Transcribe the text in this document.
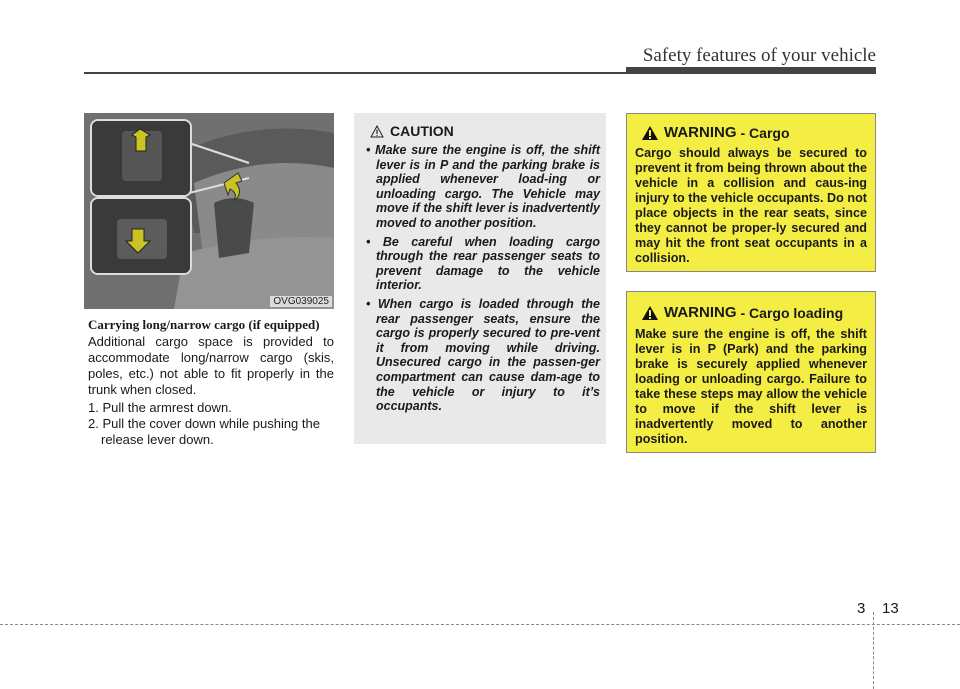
Safety features of your vehicle
OVG039025
Carrying long/narrow cargo (if equipped)

Additional cargo space is provided to accommodate long/narrow cargo (skis, poles, etc.) not able to fit properly in the trunk when closed.

1. Pull the armrest down.
2. Pull the cover down while pushing the release lever down.
CAUTION
• Make sure the engine is off, the shift lever is in P and the parking brake is applied whenever load-ing or unloading cargo. The Vehicle may move if the shift lever is inadvertently moved to another position.
• Be careful when loading cargo through the rear passenger seats to prevent damage to the vehicle interior.
• When cargo is loaded through the rear passenger seats, ensure the cargo is properly secured to pre-vent it from moving while driving. Unsecured cargo in the passen-ger compartment can cause dam-age to the vehicle or injury to it’s occupants.
WARNING - Cargo
Cargo should always be secured to prevent it from being thrown about the vehicle in a collision and caus-ing injury to the vehicle occupants. Do not place objects in the rear seats, since they cannot be proper-ly secured and may hit the front seat occupants in a collision.
WARNING - Cargo loading
Make sure the engine is off, the shift lever is in P (Park) and the parking brake is securely applied whenever loading or unloading cargo. Failure to take these steps may allow the vehicle to move if the shift lever is inadvertently moved to another position.
3 13
